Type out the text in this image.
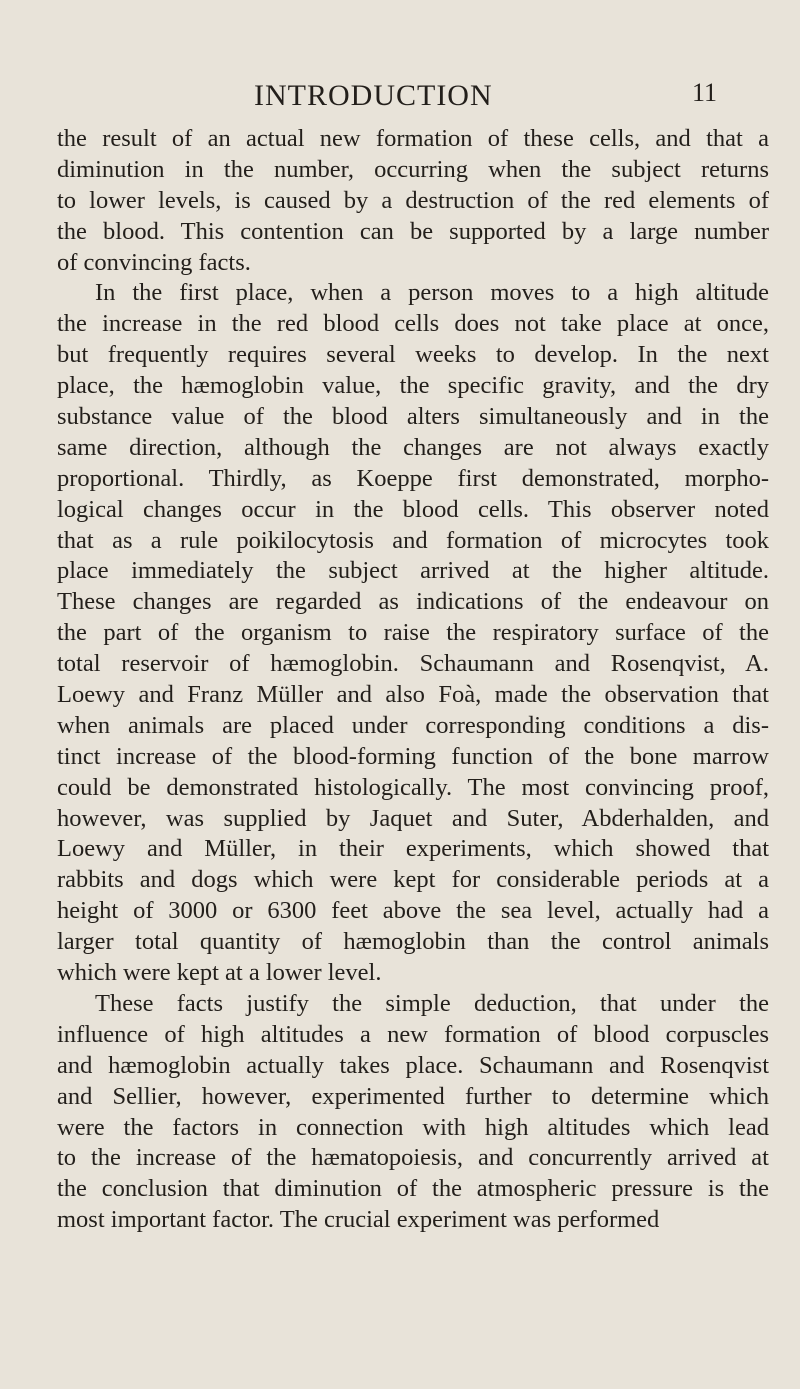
INTRODUCTION	11
the result of an actual new formation of these cells, and that a
diminution in the number, occurring when the subject returns
to lower levels, is caused by a destruction of the red elements of
the blood. This contention can be supported by a large number
of convincing facts.
In the first place, when a person moves to a high altitude
the increase in the red blood cells does not take place at once,
but frequently requires several weeks to develop. In the next
place, the hæmoglobin value, the specific gravity, and the dry
substance value of the blood alters simultaneously and in the
same direction, although the changes are not always exactly
proportional. Thirdly, as Koeppe first demonstrated, morpho-
logical changes occur in the blood cells. This observer noted
that as a rule poikilocytosis and formation of microcytes took
place immediately the subject arrived at the higher altitude.
These changes are regarded as indications of the endeavour on
the part of the organism to raise the respiratory surface of the
total reservoir of hæmoglobin. Schaumann and Rosenqvist, A.
Loewy and Franz Müller and also Foà, made the observation that
when animals are placed under corresponding conditions a dis-
tinct increase of the blood-forming function of the bone marrow
could be demonstrated histologically. The most convincing proof,
however, was supplied by Jaquet and Suter, Abderhalden, and
Loewy and Müller, in their experiments, which showed that
rabbits and dogs which were kept for considerable periods at a
height of 3000 or 6300 feet above the sea level, actually had a
larger total quantity of hæmoglobin than the control animals
which were kept at a lower level.
These facts justify the simple deduction, that under the
influence of high altitudes a new formation of blood corpuscles
and hæmoglobin actually takes place. Schaumann and Rosenqvist
and Sellier, however, experimented further to determine which
were the factors in connection with high altitudes which lead
to the increase of the hæmatopoiesis, and concurrently arrived at
the conclusion that diminution of the atmospheric pressure is the
most important factor. The crucial experiment was performed
